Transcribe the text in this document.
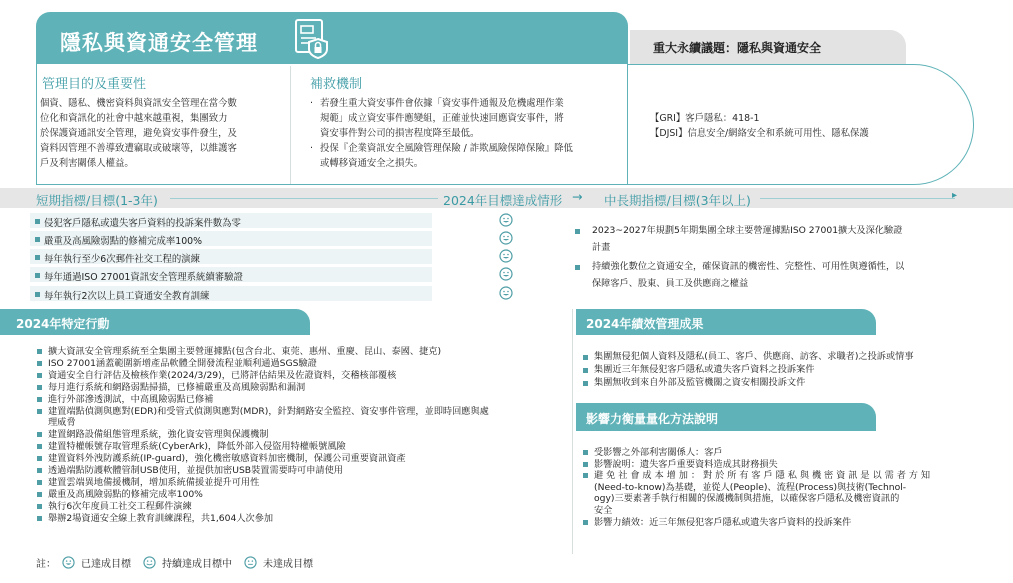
隱私與資通安全管理	重大永續議題：隱私與資通安全
管理目的及重要性
個資、隱私、機密資料與資訊安全管理在當今數
位化和資訊化的社會中越來越重視，集團致力
於保護資通訊安全管理，避免資安事件發生，及
資料因管理不善導致遭竊取或破壞等，以維護客
戶及利害關係人權益。
補救機制
‧ 若發生重大資安事件會依據「資安事件通報及危機處理作業
規範」成立資安事件應變組，正確並快速回應資安事件，將
資安事件對公司的損害程度降至最低。
‧ 投保『企業資訊安全風險管理保險 / 詐欺風險保障保險』降低
或轉移資通安全之損失。
【GRI】客戶隱私：418-1
【DJSI】信息安全/網絡安全和系統可用性、隱私保護
短期指標/目標(1-3年)	2024年目標達成情形 → 中長期指標/目標(3年以上)	▸
侵犯客戶隱私或遺失客戶資料的投訴案件數為零
嚴重及高風險弱點的修補完成率100%
每年執行至少6次郵件社交工程的演練
每年通過ISO 27001資訊安全管理系統續審驗證
每年執行2次以上員工資通安全教育訓練
2023~2027年規劃5年期集團全球主要營運據點ISO 27001擴大及深化驗證
計畫
持續強化數位之資通安全，確保資訊的機密性、完整性、可用性與遵循性，以
保障客戶、股東、員工及供應商之權益
2024年特定行動
擴大資訊安全管理系統至全集團主要營運據點(包含台北、東莞、惠州、重慶、昆山、泰國、捷克)
ISO 27001涵蓋範圍新增產品軟體全開發流程並順利通過SGS驗證
資通安全自行評估及檢核作業(2024/3/29)，已將評估結果及佐證資料，交稽核部覆核
每月進行系統和網路弱點掃描，已修補嚴重及高風險弱點和漏洞
進行外部滲透測試，中高風險弱點已修補
建置端點偵測與應對(EDR)和受管式偵測與應對(MDR)，針對網路安全監控、資安事件管理，並即時回應與處
理威脅
建置網路設備組態管理系統，強化資安管理與保護機制
建置特權帳號存取管理系統(CyberArk)，降低外部入侵盜用特權帳號風險
建置資料外洩防護系統(IP-guard)，強化機密敏感資料加密機制，保護公司重要資訊資產
透過端點防護軟體管制USB使用，並提供加密USB裝置需要時可申請使用
建置雲端異地備援機制，增加系統備援並提升可用性
嚴重及高風險弱點的修補完成率100%
執行6次年度員工社交工程郵件演練
舉辦2場資通安全線上教育訓練課程，共1,604人次參加
2024年績效管理成果
集團無侵犯個人資料及隱私(員工、客戶、供應商、訪客、求職者)之投訴或情事
集團近三年無侵犯客戶隱私或遺失客戶資料之投訴案件
集團無收到來自外部及監管機關之資安相關投訴文件
影響力衡量量化方法說明
受影響之外部利害關係人：客戶
影響說明：遺失客戶重要資料造成其財務損失
避 免 社 會 成 本 增 加 ： 對 於 所 有 客 戶 隱 私 與 機 密 資 訊 是 以 需 者 方 知
(Need-to-know)為基礎，並從人(People)、流程(Process)與技術(Technol-
ogy)三要素著手執行相關的保護機制與措施，以確保客戶隱私及機密資訊的
安全
影響力績效：近三年無侵犯客戶隱私或遺失客戶資料的投訴案件
註：	已達成目標	持續達成目標中	未達成目標
